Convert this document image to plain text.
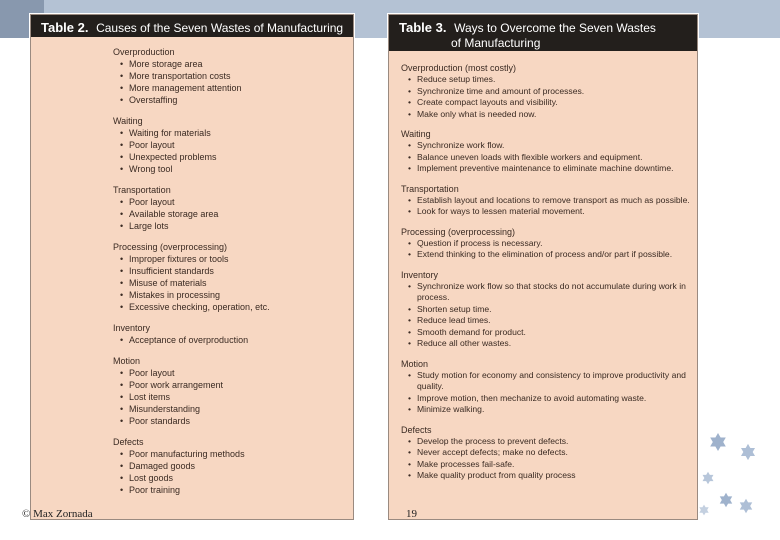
Table 2. Causes of the Seven Wastes of Manufacturing
Overproduction
• More storage area
• More transportation costs
• More management attention
• Overstaffing
Waiting
• Waiting for materials
• Poor layout
• Unexpected problems
• Wrong tool
Transportation
• Poor layout
• Available storage area
• Large lots
Processing (overprocessing)
• Improper fixtures or tools
• Insufficient standards
• Misuse of materials
• Mistakes in processing
• Excessive checking, operation, etc.
Inventory
• Acceptance of overproduction
Motion
• Poor layout
• Poor work arrangement
• Lost items
• Misunderstanding
• Poor standards
Defects
• Poor manufacturing methods
• Damaged goods
• Lost goods
• Poor training
Table 3. Ways to Overcome the Seven Wastes
of Manufacturing
Overproduction (most costly)
• Reduce setup times.
• Synchronize time and amount of processes.
• Create compact layouts and visibility.
• Make only what is needed now.
Waiting
• Synchronize work flow.
• Balance uneven loads with flexible workers and equipment.
• Implement preventive maintenance to eliminate machine downtime.
Transportation
• Establish layout and locations to remove transport as much as possible.
• Look for ways to lessen material movement.
Processing (overprocessing)
• Question if process is necessary.
• Extend thinking to the elimination of process and/or part if possible.
Inventory
• Synchronize work flow so that stocks do not accumulate during work in process.
• Shorten setup time.
• Reduce lead times.
• Smooth demand for product.
• Reduce all other wastes.
Motion
• Study motion for economy and consistency to improve productivity and quality.
• Improve motion, then mechanize to avoid automating waste.
• Minimize walking.
Defects
• Develop the process to prevent defects.
• Never accept defects; make no defects.
• Make processes fail-safe.
• Make quality product from quality process
© Max Zornada	19
